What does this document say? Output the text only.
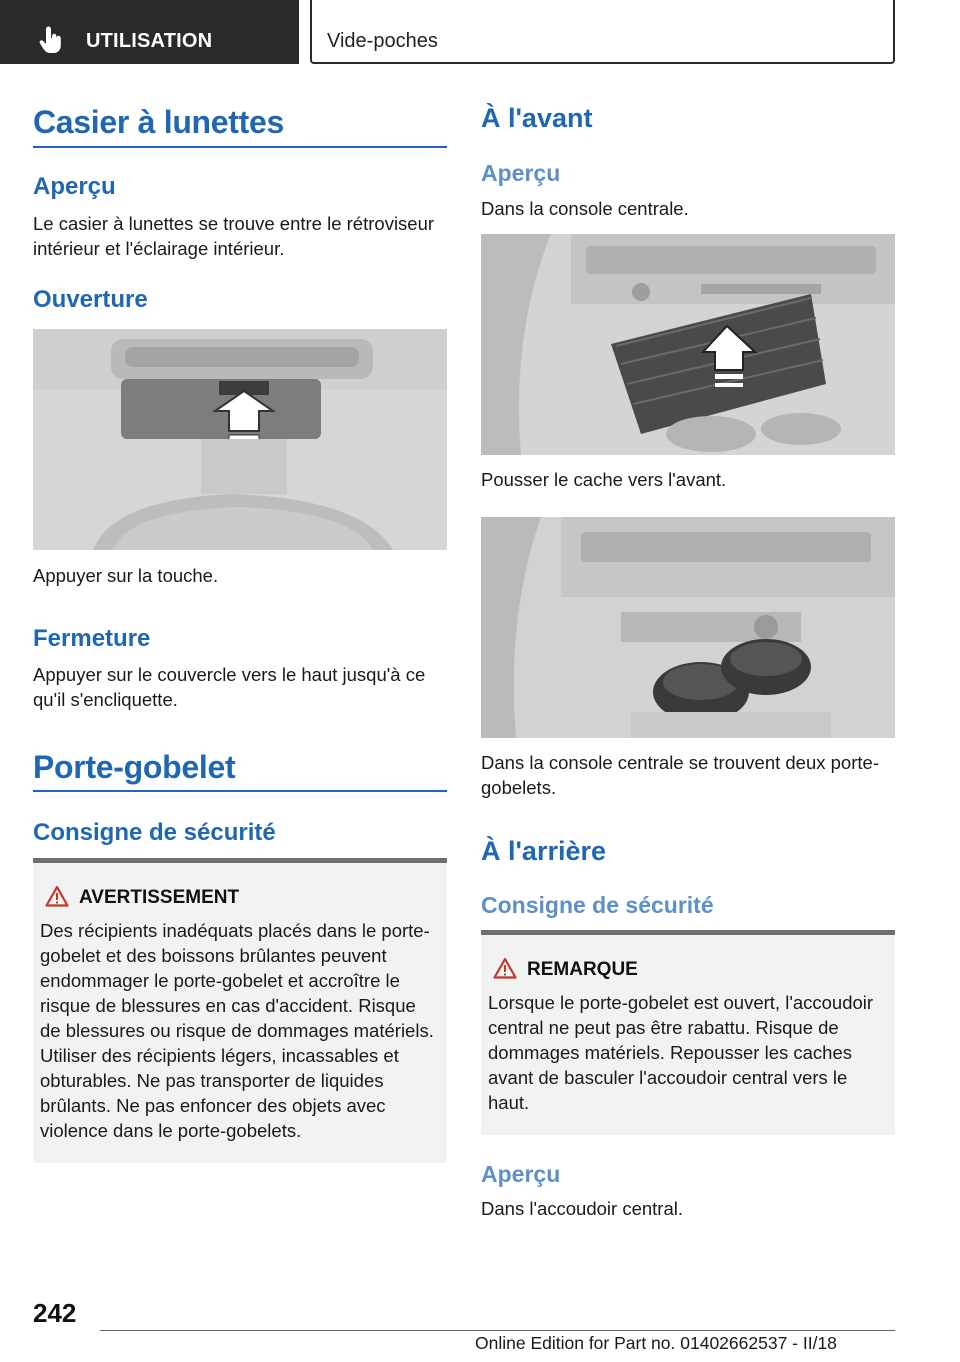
UTILISATION	Vide-poches
Casier à lunettes
Aperçu

Le casier à lunettes se trouve entre le rétroviseur intérieur et l'éclairage intérieur.

Ouverture

Appuyer sur la touche.

Fermeture

Appuyer sur le couvercle vers le haut jusqu'à ce qu'il s'encliquette.

Porte-gobelet
Consigne de sécurité
AVERTISSEMENT
Des récipients inadéquats placés dans le porte-gobelet et des boissons brûlantes peuvent endommager le porte-gobelet et accroître le risque de blessures en cas d'accident. Risque de blessures ou risque de dommages matériels. Utiliser des récipients légers, incassables et obturables. Ne pas transporter de liquides brûlants. Ne pas enfoncer des objets avec violence dans le porte-gobelets.
À l'avant
Aperçu

Dans la console centrale.

Pousser le cache vers l'avant.

Dans la console centrale se trouvent deux porte-gobelets.

À l'arrière
Consigne de sécurité
REMARQUE
Lorsque le porte-gobelet est ouvert, l'accoudoir central ne peut pas être rabattu. Risque de dommages matériels. Repousser les caches avant de basculer l'accoudoir central vers le haut.
Aperçu

Dans l'accoudoir central.

242
Online Edition for Part no. 01402662537 - II/18
